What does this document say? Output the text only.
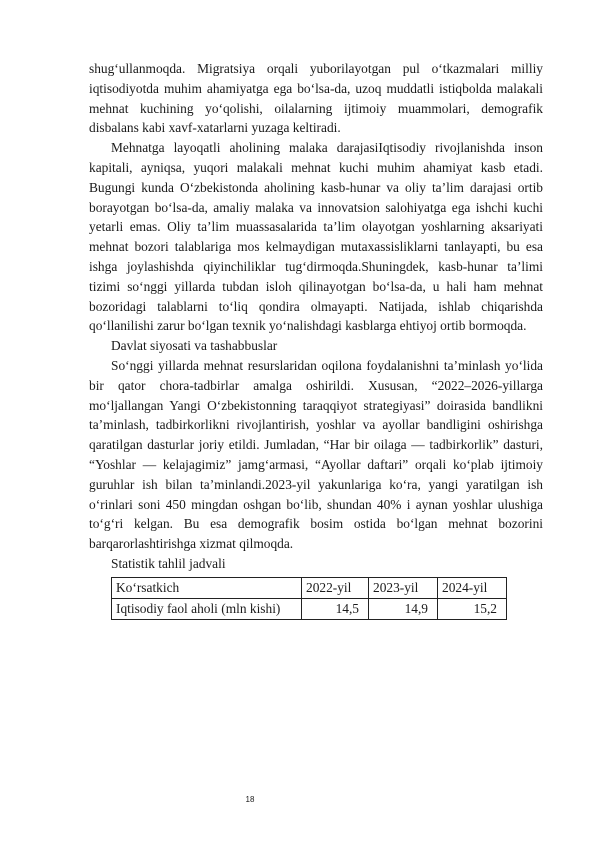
shug‘ullanmoqda. Migratsiya orqali yuborilayotgan pul o‘tkazmalari milliy iqtisodiyotda muhim ahamiyatga ega bo‘lsa-da, uzoq muddatli istiqbolda malakali mehnat kuchining yo‘qolishi, oilalarning ijtimoiy muammolari, demografik disbalans kabi xavf-xatarlarni yuzaga keltiradi.

Mehnatga layoqatli aholining malaka darajasiIqtisodiy rivojlanishda inson kapitali, ayniqsa, yuqori malakali mehnat kuchi muhim ahamiyat kasb etadi. Bugungi kunda O‘zbekistonda aholining kasb-hunar va oliy ta’lim darajasi ortib borayotgan bo‘lsa-da, amaliy malaka va innovatsion salohiyatga ega ishchi kuchi yetarli emas. Oliy ta’lim muassasalarida ta’lim olayotgan yoshlarning aksariyati mehnat bozori talablariga mos kelmaydigan mutaxassisliklarni tanlayapti, bu esa ishga joylashishda qiyinchiliklar tug‘dirmoqda.Shuningdek, kasb-hunar ta’limi tizimi so‘nggi yillarda tubdan isloh qilinayotgan bo‘lsa-da, u hali ham mehnat bozoridagi talablarni to‘liq qondira olmayapti. Natijada, ishlab chiqarishda qo‘llanilishi zarur bo‘lgan texnik yo‘nalishdagi kasblarga ehtiyoj ortib bormoqda.

Davlat siyosati va tashabbuslar

So‘nggi yillarda mehnat resurslaridan oqilona foydalanishni ta’minlash yo‘lida bir qator chora-tadbirlar amalga oshirildi. Xususan, “2022–2026-yillarga mo‘ljallangan Yangi O‘zbekistonning taraqqiyot strategiyasi” doirasida bandlikni ta’minlash, tadbirkorlikni rivojlantirish, yoshlar va ayollar bandligini oshirishga qaratilgan dasturlar joriy etildi. Jumladan, “Har bir oilaga — tadbirkorlik” dasturi, “Yoshlar — kelajagimiz” jamg‘armasi, “Ayollar daftari” orqali ko‘plab ijtimoiy guruhlar ish bilan ta’minlandi.2023-yil yakunlariga ko‘ra, yangi yaratilgan ish o‘rinlari soni 450 mingdan oshgan bo‘lib, shundan 40% i aynan yoshlar ulushiga to‘g‘ri kelgan. Bu esa demografik bosim ostida bo‘lgan mehnat bozorini barqarorlashtirishga xizmat qilmoqda.

Statistik tahlil jadvali

Ko‘rsatkich	2022-yil	2023-yil	2024-yil
Iqtisodiy faol aholi (mln kishi)	14,5	14,9	15,2
18
